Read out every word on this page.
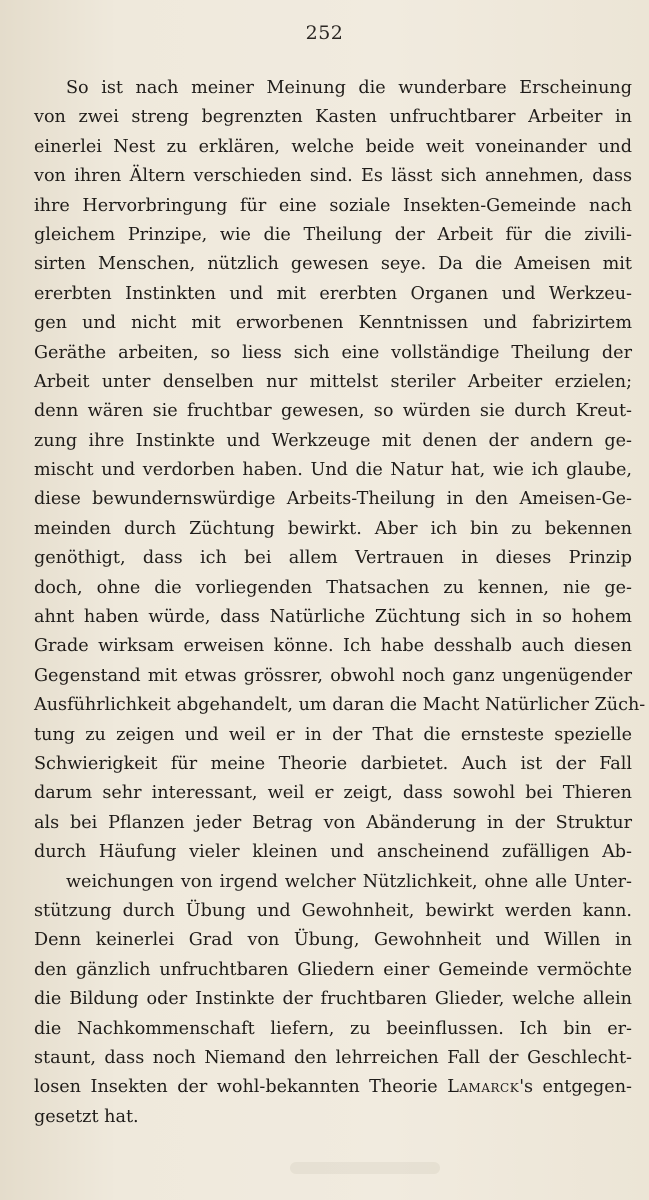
252
So ist nach meiner Meinung die wunderbare Erscheinung
von zwei streng begrenzten Kasten unfruchtbarer Arbeiter in
einerlei Nest zu erklären, welche beide weit voneinander und
von ihren Ältern verschieden sind. Es lässt sich annehmen, dass
ihre Hervorbringung für eine soziale Insekten-Gemeinde nach
gleichem Prinzipe, wie die Theilung der Arbeit für die zivili-
sirten Menschen, nützlich gewesen seye. Da die Ameisen mit
ererbten Instinkten und mit ererbten Organen und Werkzeu-
gen und nicht mit erworbenen Kenntnissen und fabrizirtem
Geräthe arbeiten, so liess sich eine vollständige Theilung der
Arbeit unter denselben nur mittelst steriler Arbeiter erzielen;
denn wären sie fruchtbar gewesen, so würden sie durch Kreut-
zung ihre Instinkte und Werkzeuge mit denen der andern ge-
mischt und verdorben haben. Und die Natur hat, wie ich glaube,
diese bewundernswürdige Arbeits-Theilung in den Ameisen-Ge-
meinden durch Züchtung bewirkt. Aber ich bin zu bekennen
genöthigt, dass ich bei allem Vertrauen in dieses Prinzip
doch, ohne die vorliegenden Thatsachen zu kennen, nie ge-
ahnt haben würde, dass Natürliche Züchtung sich in so hohem
Grade wirksam erweisen könne. Ich habe desshalb auch diesen
Gegenstand mit etwas grössrer, obwohl noch ganz ungenügender
Ausführlichkeit abgehandelt, um daran die Macht Natürlicher Züch-
tung zu zeigen und weil er in der That die ernsteste spezielle
Schwierigkeit für meine Theorie darbietet. Auch ist der Fall
darum sehr interessant, weil er zeigt, dass sowohl bei Thieren
als bei Pflanzen jeder Betrag von Abänderung in der Struktur
durch Häufung vieler kleinen und anscheinend zufälligen Ab-
weichungen von irgend welcher Nützlichkeit, ohne alle Unter-
stützung durch Übung und Gewohnheit, bewirkt werden kann.
Denn keinerlei Grad von Übung, Gewohnheit und Willen in
den gänzlich unfruchtbaren Gliedern einer Gemeinde vermöchte
die Bildung oder Instinkte der fruchtbaren Glieder, welche allein
die Nachkommenschaft liefern, zu beeinflussen. Ich bin er-
staunt, dass noch Niemand den lehrreichen Fall der Geschlecht-
losen Insekten der wohl-bekannten Theorie Lamarck's entgegen-
gesetzt hat.
